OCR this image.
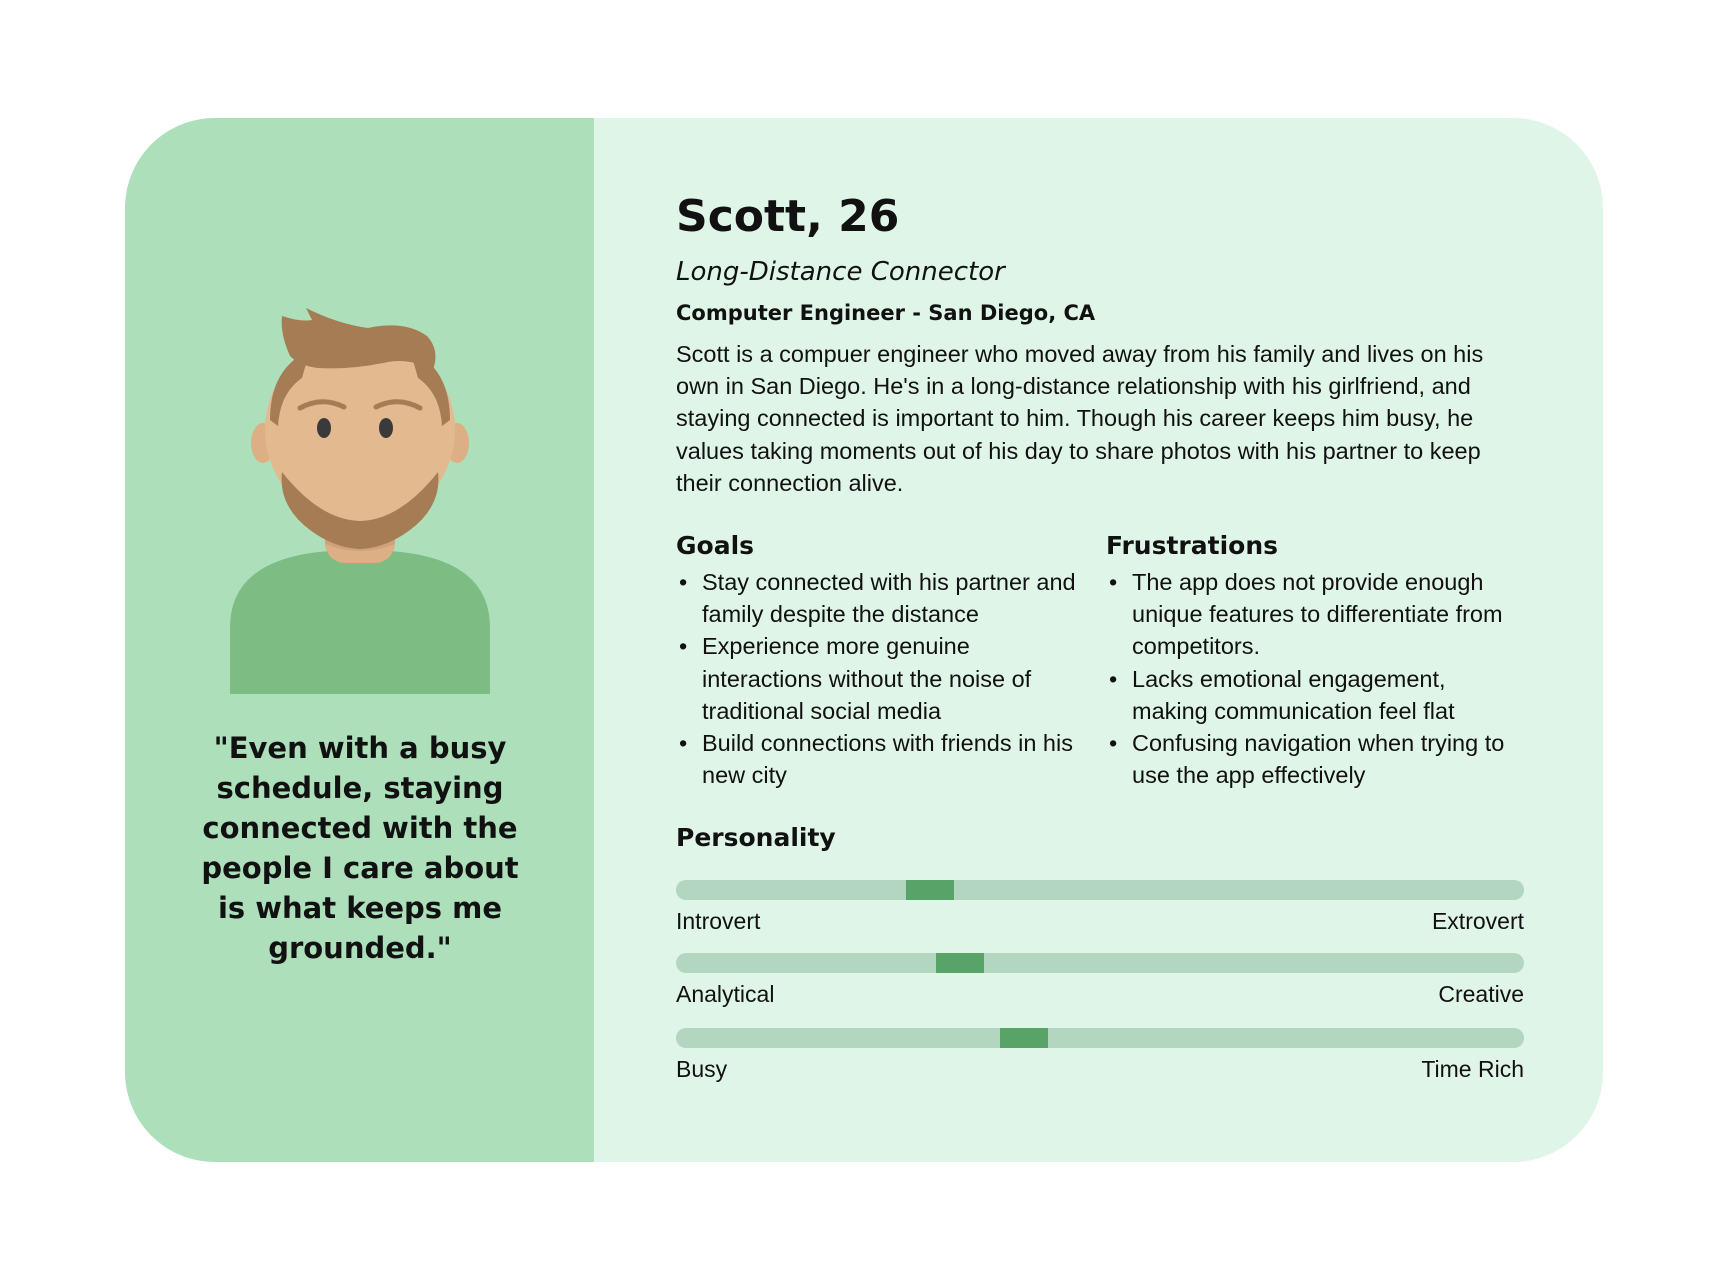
"Even with a busy schedule, staying connected with the people I care about is what keeps me grounded."
Scott, 26
Long-Distance Connector
Computer Engineer - San Diego, CA
Scott is a compuer engineer who moved away from his family and lives on his own in San Diego. He's in a long-distance relationship with his girlfriend, and staying connected is important to him. Though his career keeps him busy, he values taking moments out of his day to share photos with his partner to keep their connection alive.
Goals
• Stay connected with his partner and family despite the distance
• Experience more genuine interactions without the noise of traditional social media
• Build connections with friends in his new city
Frustrations
• The app does not provide enough unique features to differentiate from competitors.
• Lacks emotional engagement, making communication feel flat
• Confusing navigation when trying to use the app effectively
Personality
Introvert	Extrovert
Analytical	Creative
Busy	Time Rich
